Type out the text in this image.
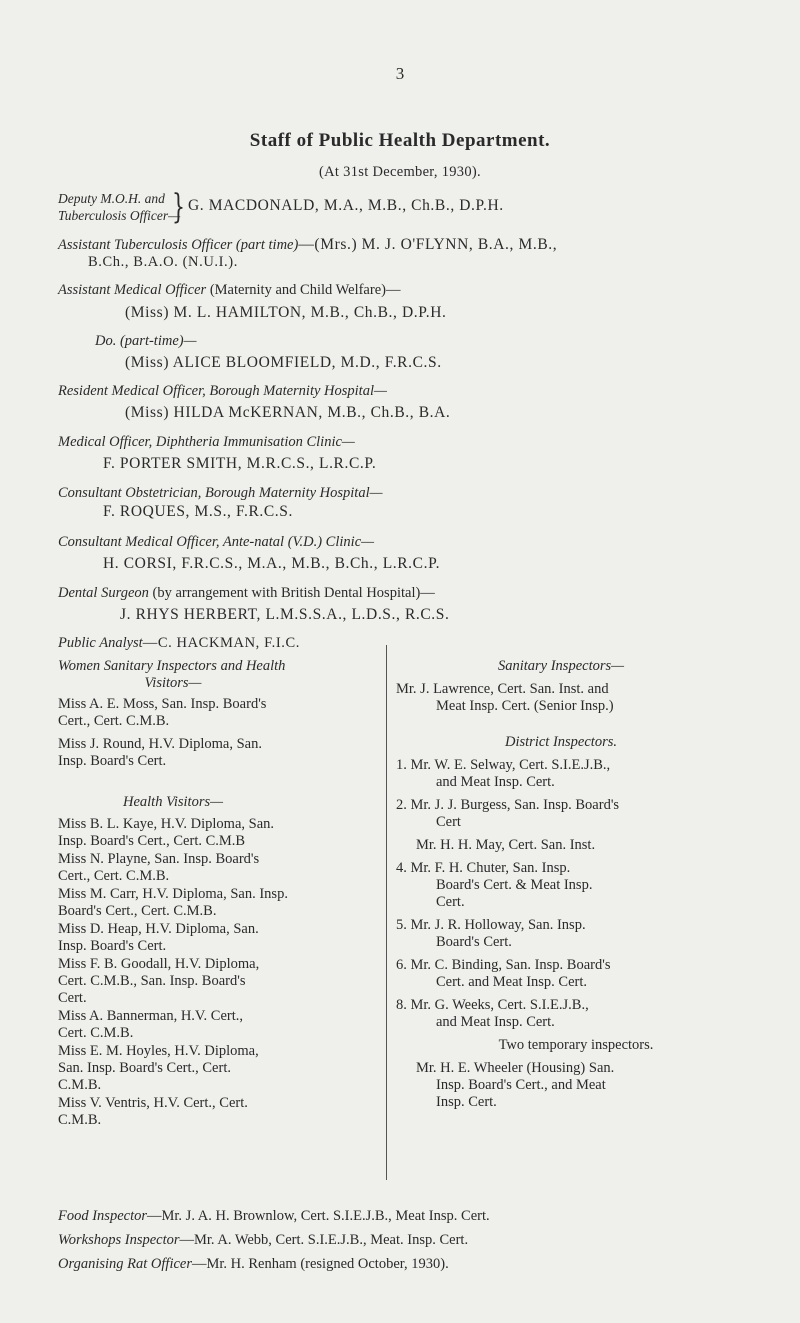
3
Staff of Public Health Department.
(At 31st December, 1930).
Deputy M.O.H. and
Tuberculosis Officer—
} G. MACDONALD, M.A., M.B., Ch.B., D.P.H.
Assistant Tuberculosis Officer (part time)—(Mrs.) M. J. O'FLYNN, B.A., M.B.,
B.Ch., B.A.O. (N.U.I.).
Assistant Medical Officer (Maternity and Child Welfare)—
(Miss) M. L. HAMILTON, M.B., Ch.B., D.P.H.
Do. (part-time)—
(Miss) ALICE BLOOMFIELD, M.D., F.R.C.S.
Resident Medical Officer, Borough Maternity Hospital—
(Miss) HILDA McKERNAN, M.B., Ch.B., B.A.
Medical Officer, Diphtheria Immunisation Clinic—
F. PORTER SMITH, M.R.C.S., L.R.C.P.
Consultant Obstetrician, Borough Maternity Hospital—
F. ROQUES, M.S., F.R.C.S.
Consultant Medical Officer, Ante-natal (V.D.) Clinic—
H. CORSI, F.R.C.S., M.A., M.B., B.Ch., L.R.C.P.
Dental Surgeon (by arrangement with British Dental Hospital)—
J. RHYS HERBERT, L.M.S.S.A., L.D.S., R.C.S.
Public Analyst—C. HACKMAN, F.I.C.
Women Sanitary Inspectors and Health
Visitors—
Miss A. E. Moss, San. Insp. Board's
Cert., Cert. C.M.B.
Miss J. Round, H.V. Diploma, San.
Insp. Board's Cert.
Health Visitors—
Miss B. L. Kaye, H.V. Diploma, San.
Insp. Board's Cert., Cert. C.M.B
Miss N. Playne, San. Insp. Board's
Cert., Cert. C.M.B.
Miss M. Carr, H.V. Diploma, San. Insp.
Board's Cert., Cert. C.M.B.
Miss D. Heap, H.V. Diploma, San.
Insp. Board's Cert.
Miss F. B. Goodall, H.V. Diploma,
Cert. C.M.B., San. Insp. Board's
Cert.
Miss A. Bannerman, H.V. Cert.,
Cert. C.M.B.
Miss E. M. Hoyles, H.V. Diploma,
San. Insp. Board's Cert., Cert.
C.M.B.
Miss V. Ventris, H.V. Cert., Cert.
C.M.B.
Sanitary Inspectors—
Mr. J. Lawrence, Cert. San. Inst. and
Meat Insp. Cert. (Senior Insp.)
District Inspectors.
1. Mr. W. E. Selway, Cert. S.I.E.J.B.,
and Meat Insp. Cert.
2. Mr. J. J. Burgess, San. Insp. Board's
Cert
Mr. H. H. May, Cert. San. Inst.
4. Mr. F. H. Chuter, San. Insp.
Board's Cert. & Meat Insp.
Cert.
5. Mr. J. R. Holloway, San. Insp.
Board's Cert.
6. Mr. C. Binding, San. Insp. Board's
Cert. and Meat Insp. Cert.
8. Mr. G. Weeks, Cert. S.I.E.J.B.,
and Meat Insp. Cert.
Two temporary inspectors.
Mr. H. E. Wheeler (Housing) San.
Insp. Board's Cert., and Meat
Insp. Cert.
Food Inspector—Mr. J. A. H. Brownlow, Cert. S.I.E.J.B., Meat Insp. Cert.
Workshops Inspector—Mr. A. Webb, Cert. S.I.E.J.B., Meat. Insp. Cert.
Organising Rat Officer—Mr. H. Renham (resigned October, 1930).
